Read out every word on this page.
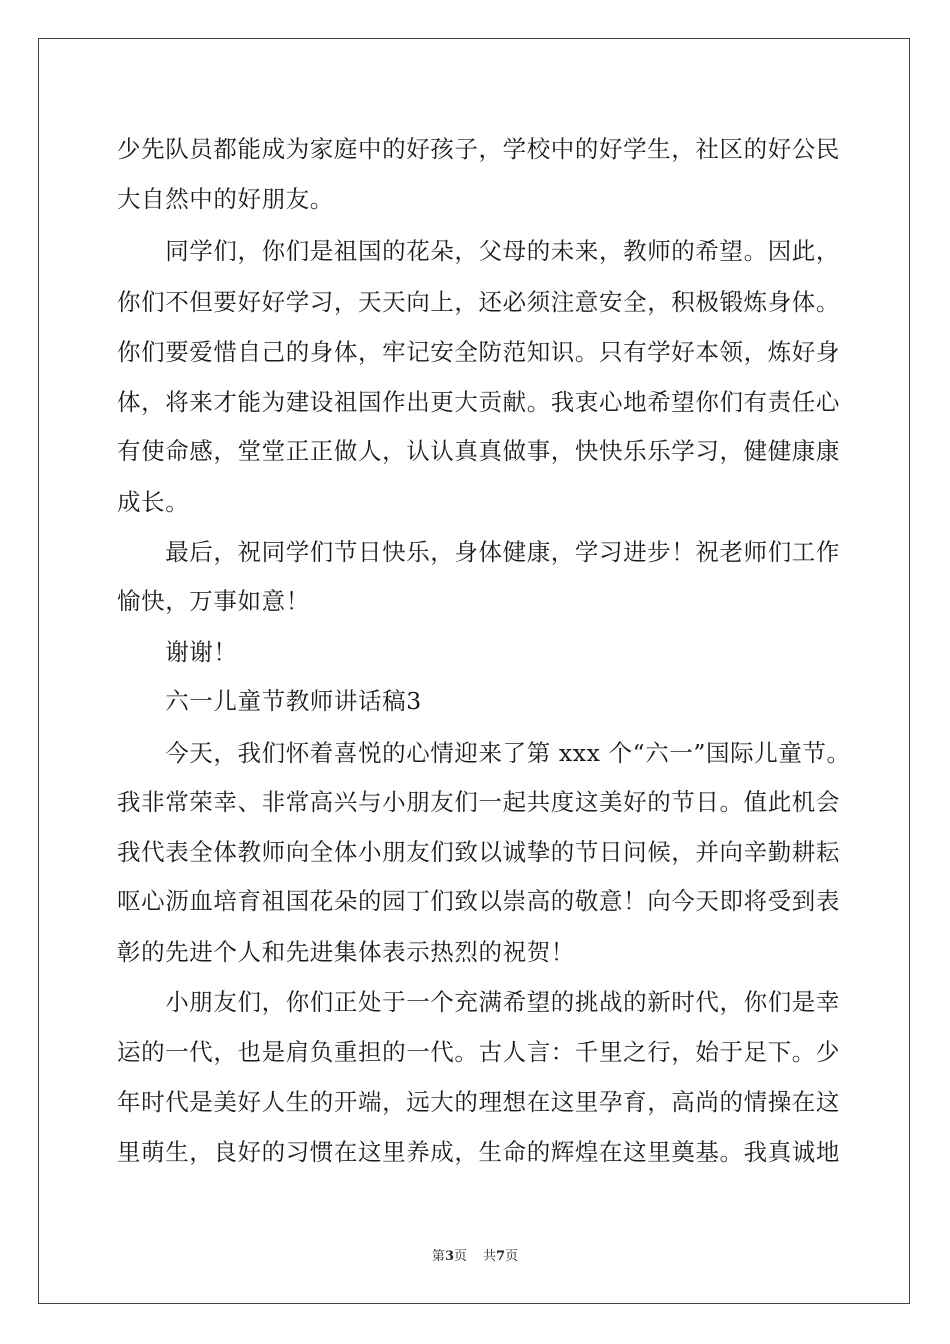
少先队员都能成为家庭中的好孩子，学校中的好学生，社区的好公民
大自然中的好朋友。
　　同学们，你们是祖国的花朵，父母的未来，教师的希望。因此，
你们不但要好好学习，天天向上，还必须注意安全，积极锻炼身体。
你们要爱惜自己的身体，牢记安全防范知识。只有学好本领，炼好身
体，将来才能为建设祖国作出更大贡献。我衷心地希望你们有责任心
有使命感，堂堂正正做人，认认真真做事，快快乐乐学习，健健康康
成长。
　　最后，祝同学们节日快乐，身体健康，学习进步！祝老师们工作
愉快，万事如意！
　　谢谢！
　　六一儿童节教师讲话稿3
　　今天，我们怀着喜悦的心情迎来了第 xxx 个“六一”国际儿童节。
我非常荣幸、非常高兴与小朋友们一起共度这美好的节日。值此机会
我代表全体教师向全体小朋友们致以诚挚的节日问候，并向辛勤耕耘
呕心沥血培育祖国花朵的园丁们致以崇高的敬意！向今天即将受到表
彰的先进个人和先进集体表示热烈的祝贺！
　　小朋友们，你们正处于一个充满希望的挑战的新时代，你们是幸
运的一代，也是肩负重担的一代。古人言：千里之行，始于足下。少
年时代是美好人生的开端，远大的理想在这里孕育，高尚的情操在这
里萌生，良好的习惯在这里养成，生命的辉煌在这里奠基。我真诚地
第3页 共7页
